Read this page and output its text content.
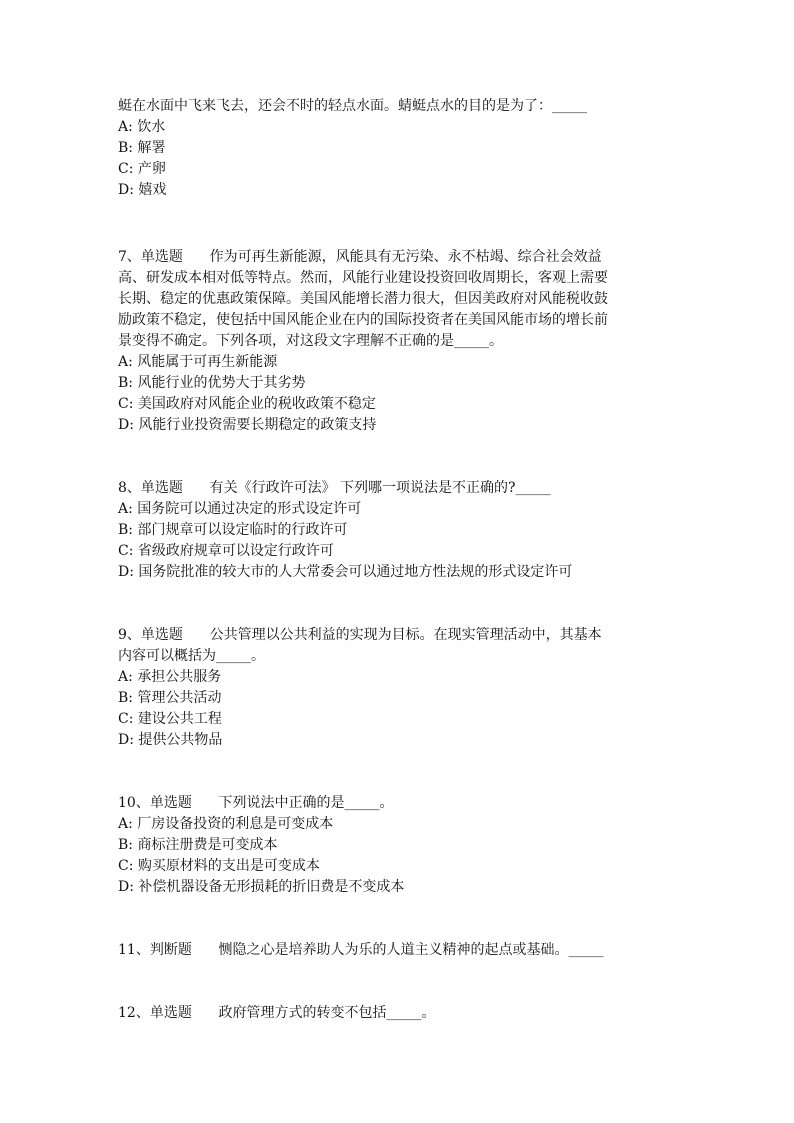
蜓在水面中飞来飞去，还会不时的轻点水面。蜻蜓点水的目的是为了：_____
A: 饮水
B: 解署
C: 产卵
D: 嬉戏
7、单选题      作为可再生新能源，风能具有无污染、永不枯竭、综合社会效益
高、研发成本相对低等特点。然而，风能行业建设投资回收周期长，客观上需要
长期、稳定的优惠政策保障。美国风能增长潜力很大，但因美政府对风能税收鼓
励政策不稳定，使包括中国风能企业在内的国际投资者在美国风能市场的增长前
景变得不确定。下列各项，对这段文字理解不正确的是_____。
A: 风能属于可再生新能源
B: 风能行业的优势大于其劣势
C: 美国政府对风能企业的税收政策不稳定
D: 风能行业投资需要长期稳定的政策支持
8、单选题      有关《行政许可法》 下列哪一项说法是不正确的?_____
A: 国务院可以通过决定的形式设定许可
B: 部门规章可以设定临时的行政许可
C: 省级政府规章可以设定行政许可
D: 国务院批准的较大市的人大常委会可以通过地方性法规的形式设定许可
9、单选题      公共管理以公共利益的实现为目标。在现实管理活动中，其基本
内容可以概括为_____。
A: 承担公共服务
B: 管理公共活动
C: 建设公共工程
D: 提供公共物品
10、单选题      下列说法中正确的是_____。
A: 厂房设备投资的利息是可变成本
B: 商标注册费是可变成本
C: 购买原材料的支出是可变成本
D: 补偿机器设备无形损耗的折旧费是不变成本
11、判断题      恻隐之心是培养助人为乐的人道主义精神的起点或基础。_____
12、单选题      政府管理方式的转变不包括_____。
